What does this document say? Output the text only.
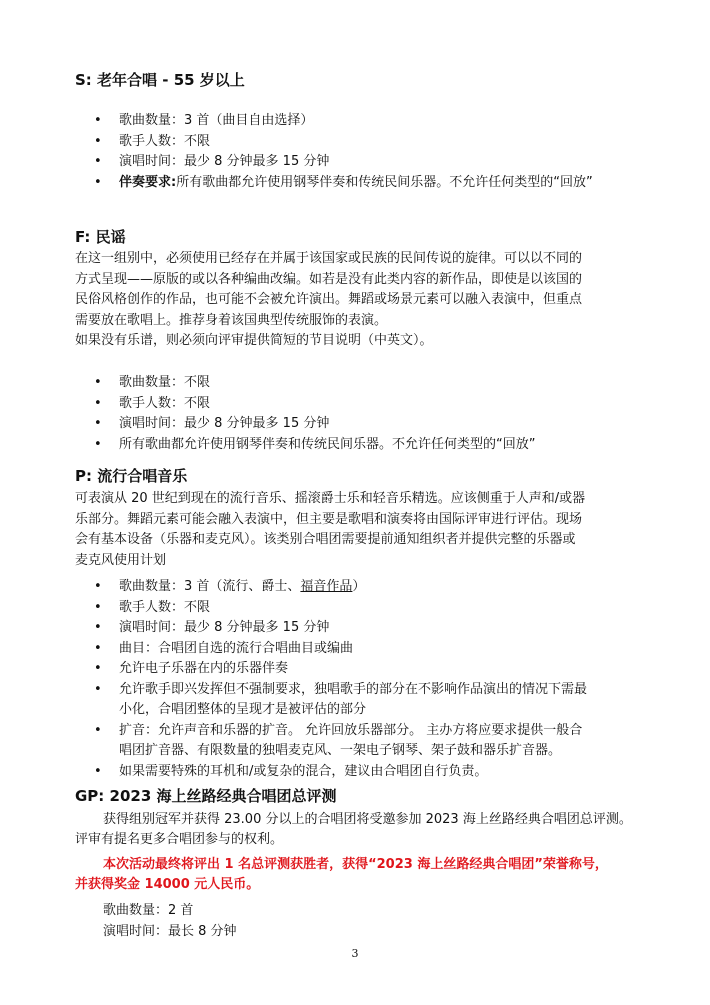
S: 老年合唱 - 55 岁以上
• 歌曲数量：3 首（曲目自由选择）
• 歌手人数：不限
• 演唱时间：最少 8 分钟最多 15 分钟
• 伴奏要求:所有歌曲都允许使用钢琴伴奏和传统民间乐器。不允许任何类型的“回放”
F: 民谣
在这一组别中，必须使用已经存在并属于该国家或民族的民间传说的旋律。可以以不同的
方式呈现——原版的或以各种编曲改编。如若是没有此类内容的新作品，即使是以该国的
民俗风格创作的作品，也可能不会被允许演出。舞蹈或场景元素可以融入表演中，但重点
需要放在歌唱上。推荐身着该国典型传统服饰的表演。
如果没有乐谱，则必须向评审提供简短的节目说明（中英文）。
• 歌曲数量：不限
• 歌手人数：不限
• 演唱时间：最少 8 分钟最多 15 分钟
• 所有歌曲都允许使用钢琴伴奏和传统民间乐器。不允许任何类型的“回放”
P: 流行合唱音乐
可表演从 20 世纪到现在的流行音乐、摇滚爵士乐和轻音乐精选。应该侧重于人声和/或器
乐部分。舞蹈元素可能会融入表演中，但主要是歌唱和演奏将由国际评审进行评估。现场
会有基本设备（乐器和麦克风）。该类别合唱团需要提前通知组织者并提供完整的乐器或
麦克风使用计划
• 歌曲数量：3 首（流行、爵士、福音作品）
• 歌手人数：不限
• 演唱时间：最少 8 分钟最多 15 分钟
• 曲目：合唱团自选的流行合唱曲目或编曲
• 允许电子乐器在内的乐器伴奏
• 允许歌手即兴发挥但不强制要求，独唱歌手的部分在不影响作品演出的情况下需最
小化，合唱团整体的呈现才是被评估的部分
• 扩音：允许声音和乐器的扩音。 允许回放乐器部分。 主办方将应要求提供一般合
唱团扩音器、有限数量的独唱麦克风、一架电子钢琴、架子鼓和器乐扩音器。
• 如果需要特殊的耳机和/或复杂的混合，建议由合唱团自行负责。
GP: 2023 海上丝路经典合唱团总评测
获得组别冠军并获得 23.00 分以上的合唱团将受邀参加 2023 海上丝路经典合唱团总评测。
评审有提名更多合唱团参与的权利。
本次活动最终将评出 1 名总评测获胜者，获得“2023 海上丝路经典合唱团”荣誉称号，
并获得奖金 14000 元人民币。
歌曲数量：2 首
演唱时间：最长 8 分钟
3
